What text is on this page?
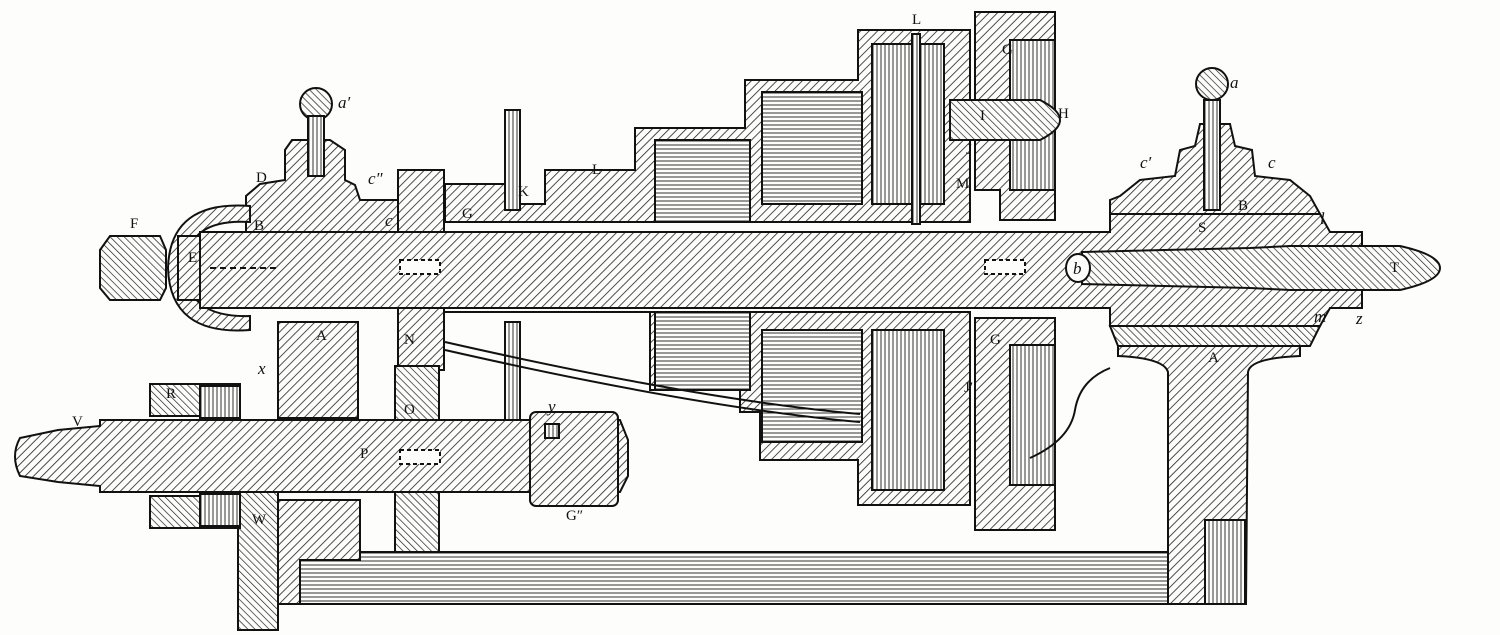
a
a′
c
c′
c″
c
D
F
E
B
B
A
A
K
L
L
G
G
G
G″
H
I
J
J′
M
N
O
P
R
V
W
S
T
x
y
b
l
m z
